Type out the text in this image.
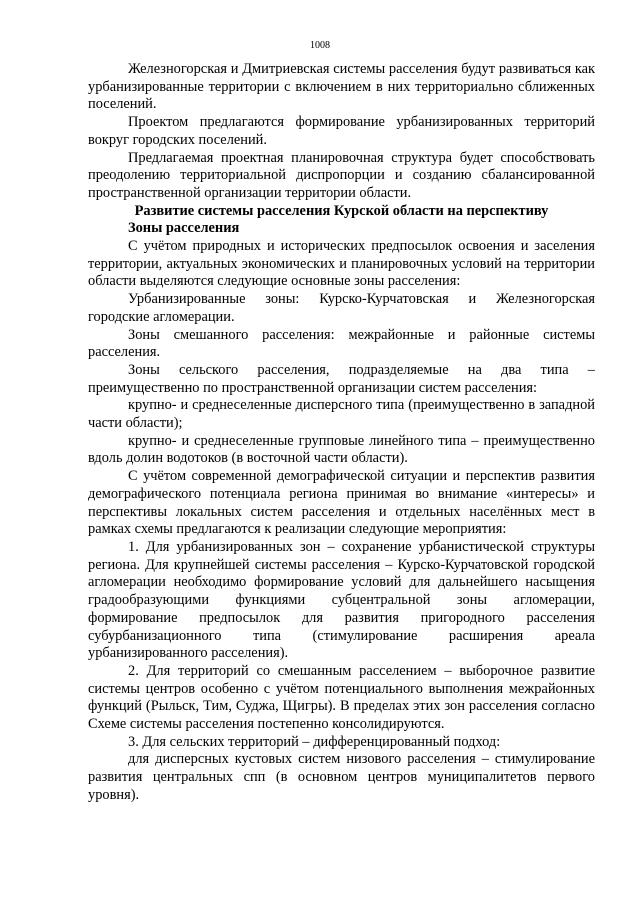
1008

Железногорская и Дмитриевская системы расселения будут развиваться как урбанизированные территории с включением в них территориально сближенных поселений.

Проектом предлагаются формирование урбанизированных территорий вокруг городских поселений.

Предлагаемая проектная планировочная структура будет способствовать преодолению территориальной диспропорции и созданию сбалансированной пространственной организации территории области.

Развитие системы расселения Курской области на перспективу

Зоны расселения

С учётом природных и исторических предпосылок освоения и заселения территории, актуальных экономических и планировочных условий на территории области выделяются следующие основные зоны расселения:

Урбанизированные зоны: Курско-Курчатовская и Железногорская городские агломерации.

Зоны смешанного расселения: межрайонные и районные системы расселения.

Зоны сельского расселения, подразделяемые на два типа – преимущественно по пространственной организации систем расселения:

крупно- и среднеселенные дисперсного типа (преимущественно в западной части области);

крупно- и среднеселенные групповые линейного типа – преимущественно вдоль долин водотоков (в восточной части области).

С учётом современной демографической ситуации и перспектив развития демографического потенциала региона принимая во внимание «интересы» и перспективы локальных систем расселения и отдельных населённых мест в рамках схемы предлагаются к реализации следующие мероприятия:

1. Для урбанизированных зон – сохранение урбанистической структуры региона. Для крупнейшей системы расселения – Курско-Курчатовской городской агломерации необходимо формирование условий для дальнейшего насыщения градообразующими функциями субцентральной зоны агломерации, формирование предпосылок для развития пригородного расселения субурбанизационного типа (стимулирование расширения ареала урбанизированного расселения).

2. Для территорий со смешанным расселением – выборочное развитие системы центров особенно с учётом потенциального выполнения межрайонных функций (Рыльск, Тим, Суджа, Щигры). В пределах этих зон расселения согласно Схеме системы расселения постепенно консолидируются.

3. Для сельских территорий – дифференцированный подход:

для дисперсных кустовых систем низового расселения – стимулирование развития центральных спп (в основном центров муниципалитетов первого уровня).
